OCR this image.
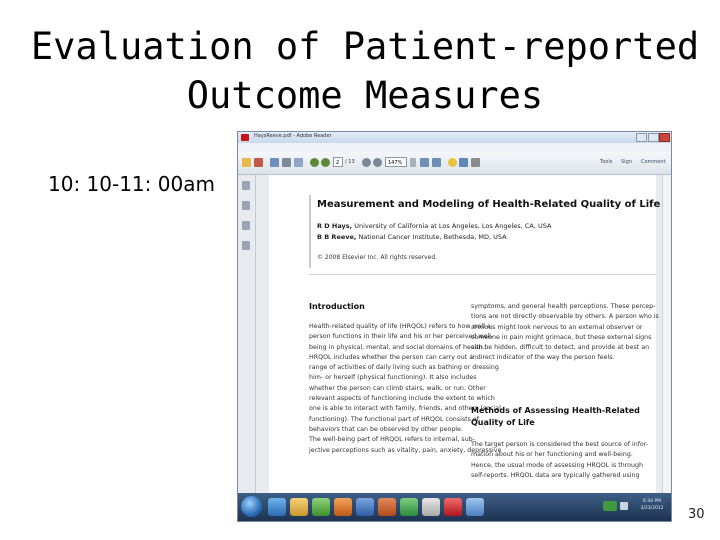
Evaluation of Patient-reported
Outcome Measures
10: 10-11: 00am
HaysReeve.pdf - Adobe Reader
2	/ 13	147%	Tools Sign Comment
Measurement and Modeling of Health-Related Quality of Life
R D Hays, University of California at Los Angeles, Los Angeles, CA, USA
B B Reeve, National Cancer Institute, Bethesda, MD, USA
© 2008 Elsevier Inc. All rights reserved.
Introduction
Health-related quality of life (HRQOL) refers to how well a
person functions in their life and his or her perceived well-
being in physical, mental, and social domains of health.
HRQOL includes whether the person can carry out a
range of activities of daily living such as bathing or dressing
him- or herself (physical functioning). It also includes
whether the person can climb stairs, walk, or run. Other
relevant aspects of functioning include the extent to which
one is able to interact with family, friends, and others (social
functioning). The functional part of HRQOL consists of
behaviors that can be observed by other people.
The well-being part of HRQOL refers to internal, sub-
jective perceptions such as vitality, pain, anxiety, depressive
symptoms, and general health perceptions. These percep-
tions are not directly observable by others. A person who is
anxious might look nervous to an external observer or
someone in pain might grimace, but these external signs
can be hidden, difficult to detect, and provide at best an
indirect indicator of the way the person feels.
Methods of Assessing Health-Related
Quality of Life
The target person is considered the best source of infor-
mation about his or her functioning and well-being.
Hence, the usual mode of assessing HRQOL is through
self-reports. HRQOL data are typically gathered using
6:34 PM
3/23/2012	30
